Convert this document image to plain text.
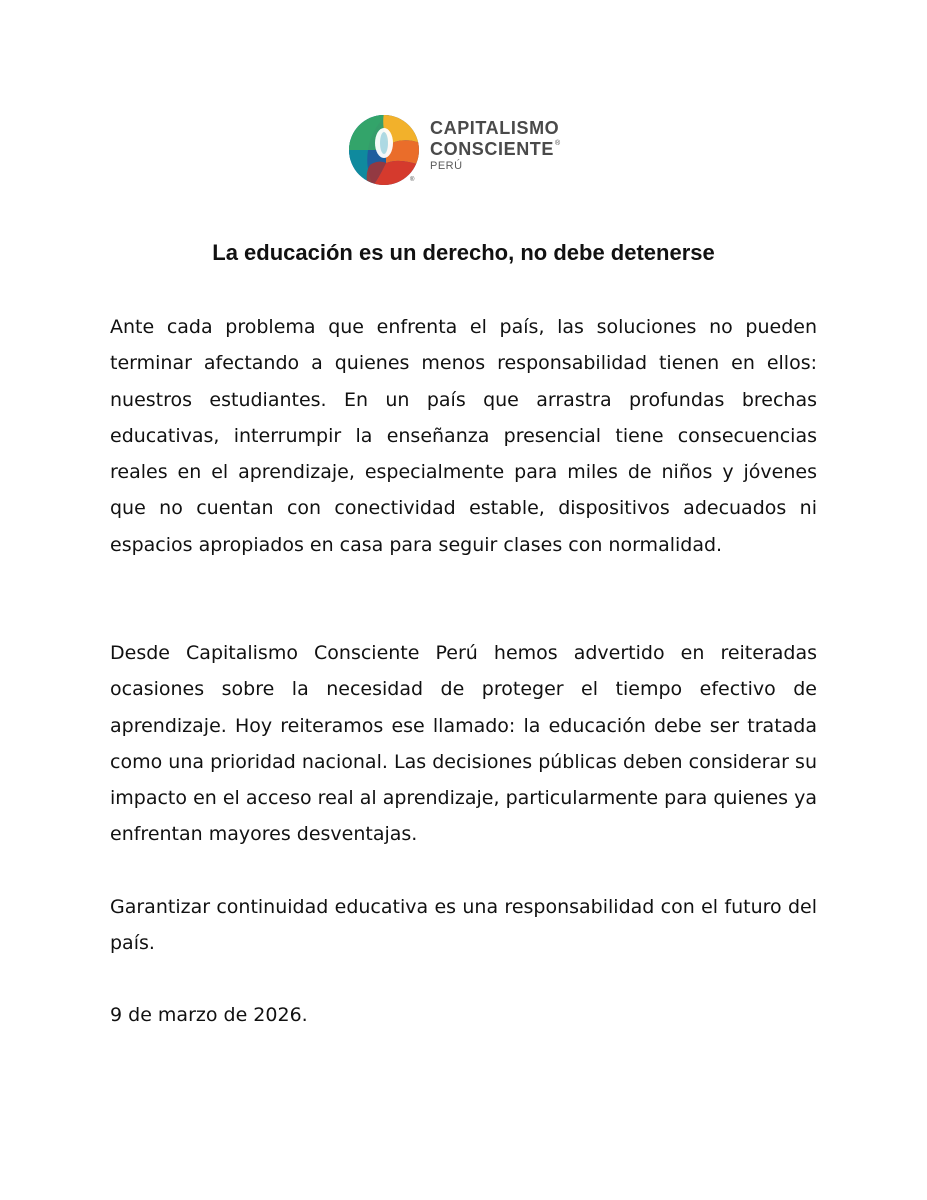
®
CAPITALISMO
CONSCIENTE®
PERÚ
La educación es un derecho, no debe detenerse

Ante cada problema que enfrenta el país, las soluciones no pueden terminar afectando a quienes menos responsabilidad tienen en ellos: nuestros estudiantes. En un país que arrastra profundas brechas educativas, interrumpir la enseñanza presencial tiene consecuencias reales en el aprendizaje, especialmente para miles de niños y jóvenes que no cuentan con conectividad estable, dispositivos adecuados ni espacios apropiados en casa para seguir clases con normalidad.

Desde Capitalismo Consciente Perú hemos advertido en reiteradas ocasiones sobre la necesidad de proteger el tiempo efectivo de aprendizaje. Hoy reiteramos ese llamado: la educación debe ser tratada como una prioridad nacional. Las decisiones públicas deben considerar su impacto en el acceso real al aprendizaje, particularmente para quienes ya enfrentan mayores desventajas.

Garantizar continuidad educativa es una responsabilidad con el futuro del país.

9 de marzo de 2026.
